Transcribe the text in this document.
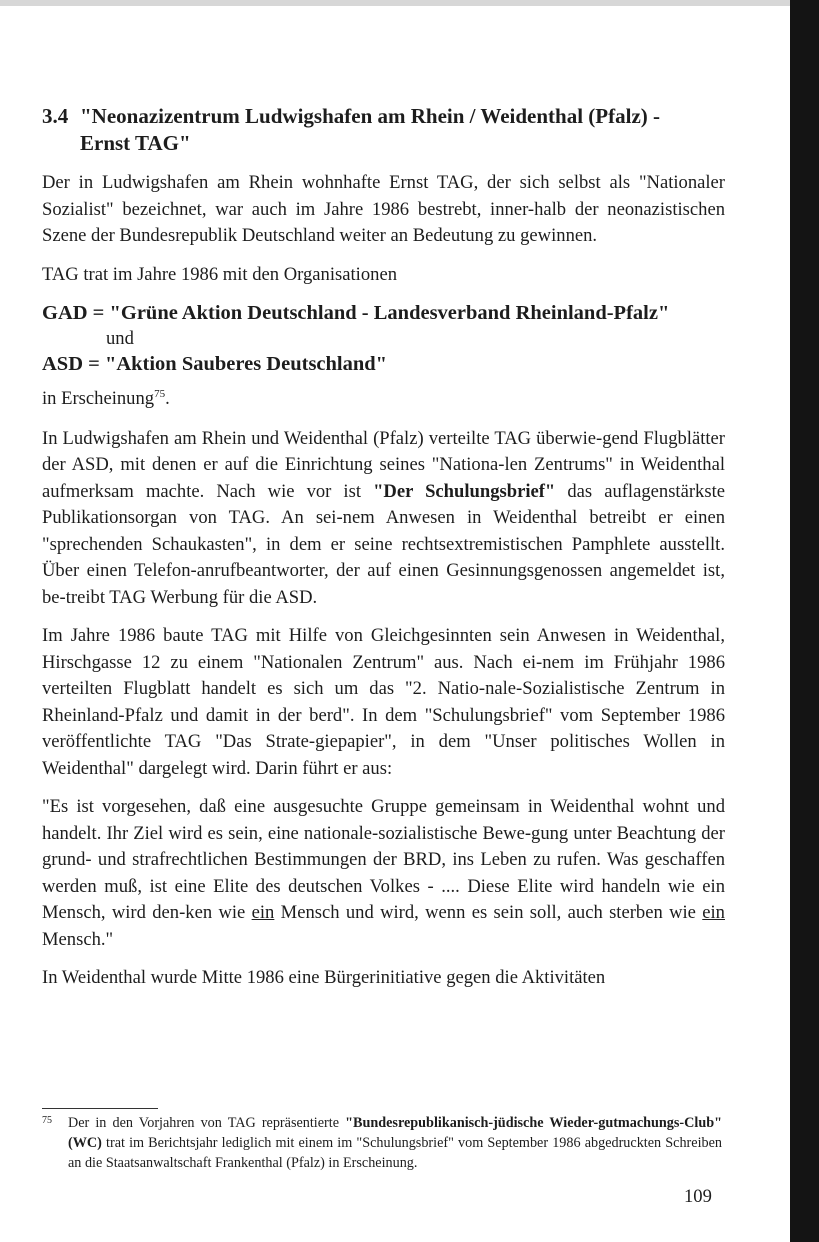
3.4 "Neonazizentrum Ludwigshafen am Rhein / Weidenthal (Pfalz) -
Ernst TAG"

Der in Ludwigshafen am Rhein wohnhafte Ernst TAG, der sich selbst als "Nationaler Sozialist" bezeichnet, war auch im Jahre 1986 bestrebt, inner-halb der neonazistischen Szene der Bundesrepublik Deutschland weiter an Bedeutung zu gewinnen.

TAG trat im Jahre 1986 mit den Organisationen

GAD = "Grüne Aktion Deutschland - Landesverband Rheinland-Pfalz"
und
ASD = "Aktion Sauberes Deutschland"

in Erscheinung$^{75}$.

In Ludwigshafen am Rhein und Weidenthal (Pfalz) verteilte TAG überwie-gend Flugblätter der ASD, mit denen er auf die Einrichtung seines "Nationa-len Zentrums" in Weidenthal aufmerksam machte. Nach wie vor ist "Der Schulungsbrief" das auflagenstärkste Publikationsorgan von TAG. An sei-nem Anwesen in Weidenthal betreibt er einen "sprechenden Schaukasten", in dem er seine rechtsextremistischen Pamphlete ausstellt. Über einen Telefon-anrufbeantworter, der auf einen Gesinnungsgenossen angemeldet ist, be-treibt TAG Werbung für die ASD.

Im Jahre 1986 baute TAG mit Hilfe von Gleichgesinnten sein Anwesen in Weidenthal, Hirschgasse 12 zu einem "Nationalen Zentrum" aus. Nach ei-nem im Frühjahr 1986 verteilten Flugblatt handelt es sich um das "2. Natio-nale-Sozialistische Zentrum in Rheinland-Pfalz und damit in der berd". In dem "Schulungsbrief" vom September 1986 veröffentlichte TAG "Das Strate-giepapier", in dem "Unser politisches Wollen in Weidenthal" dargelegt wird. Darin führt er aus:

"Es ist vorgesehen, daß eine ausgesuchte Gruppe gemeinsam in Weidenthal wohnt und handelt. Ihr Ziel wird es sein, eine nationale-sozialistische Bewe-gung unter Beachtung der grund- und strafrechtlichen Bestimmungen der BRD, ins Leben zu rufen. Was geschaffen werden muß, ist eine Elite des deutschen Volkes - .... Diese Elite wird handeln wie ein Mensch, wird den-ken wie ein Mensch und wird, wenn es sein soll, auch sterben wie ein Mensch."

In Weidenthal wurde Mitte 1986 eine Bürgerinitiative gegen die Aktivitäten

75 Der in den Vorjahren von TAG repräsentierte "Bundesrepublikanisch-jüdische Wieder-gutmachungs-Club" (WC) trat im Berichtsjahr lediglich mit einem im "Schulungsbrief" vom September 1986 abgedruckten Schreiben an die Staatsanwaltschaft Frankenthal (Pfalz) in Erscheinung.
109
